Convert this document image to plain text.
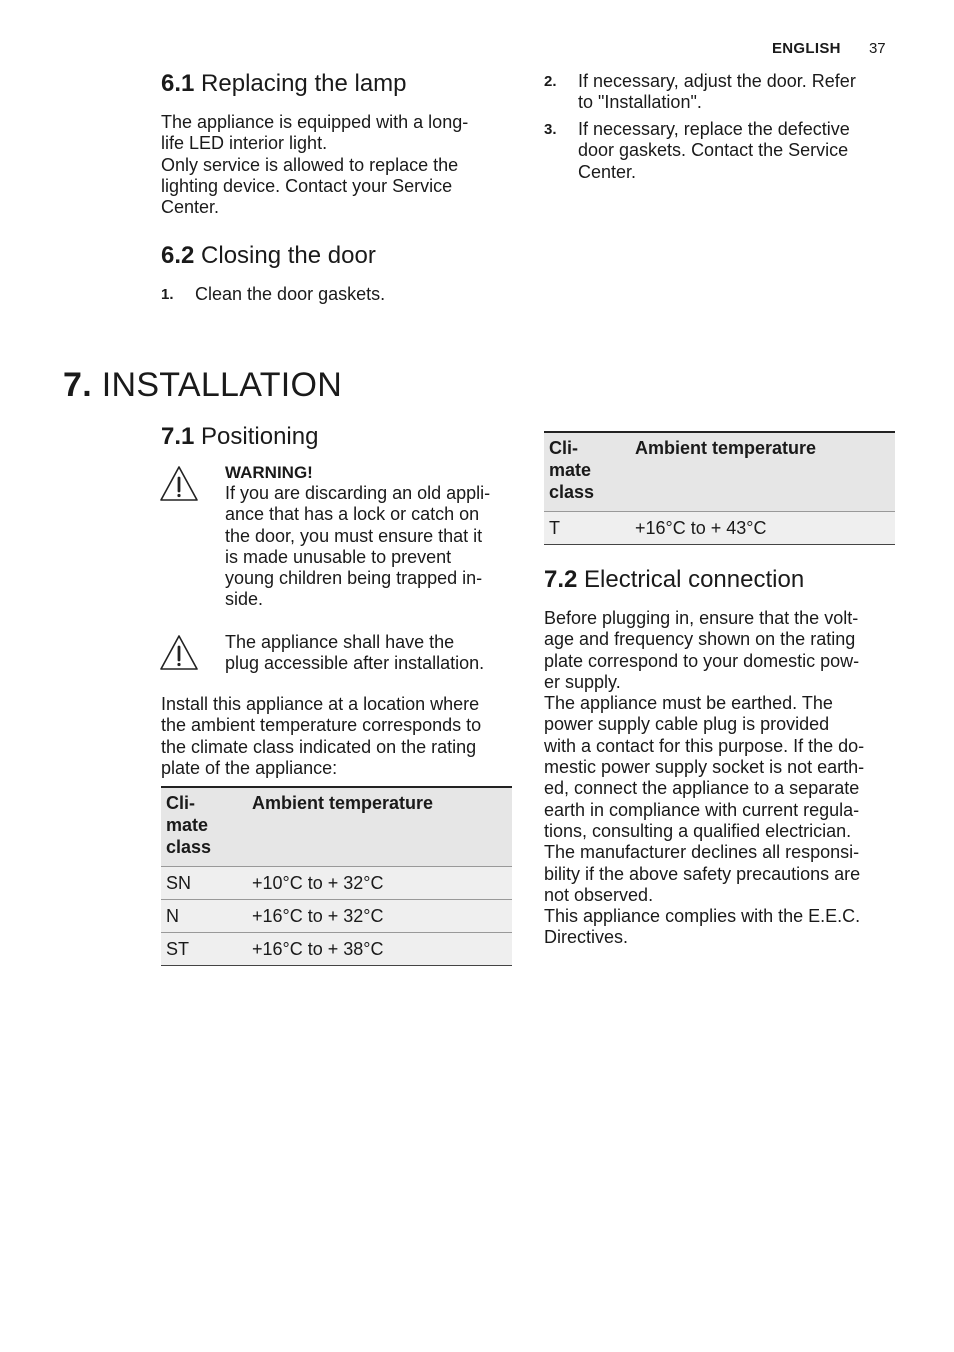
ENGLISH 37
6.1 Replacing the lamp

The appliance is equipped with a long-
life LED interior light.
Only service is allowed to replace the
lighting device. Contact your Service
Center.

6.2 Closing the door
1. Clean the door gaskets.
2. If necessary, adjust the door. Refer
to "Installation".
3. If necessary, replace the defective
door gaskets. Contact the Service
Center.
7. INSTALLATION
7.1 Positioning
WARNING!

If you are discarding an old appli-
ance that has a lock or catch on
the door, you must ensure that it
is made unusable to prevent
young children being trapped in-
side.

The appliance shall have the
plug accessible after installation.

Install this appliance at a location where
the ambient temperature corresponds to
the climate class indicated on the rating
plate of the appliance:

Cli-
mate
class	Ambient temperature
SN	+10°C to + 32°C
N	+16°C to + 32°C
ST	+16°C to + 38°C
Cli-
mate
class	Ambient temperature
T	+16°C to + 43°C
7.2 Electrical connection

Before plugging in, ensure that the volt-
age and frequency shown on the rating
plate correspond to your domestic pow-
er supply.
The appliance must be earthed. The
power supply cable plug is provided
with a contact for this purpose. If the do-
mestic power supply socket is not earth-
ed, connect the appliance to a separate
earth in compliance with current regula-
tions, consulting a qualified electrician.
The manufacturer declines all responsi-
bility if the above safety precautions are
not observed.
This appliance complies with the E.E.C.
Directives.
